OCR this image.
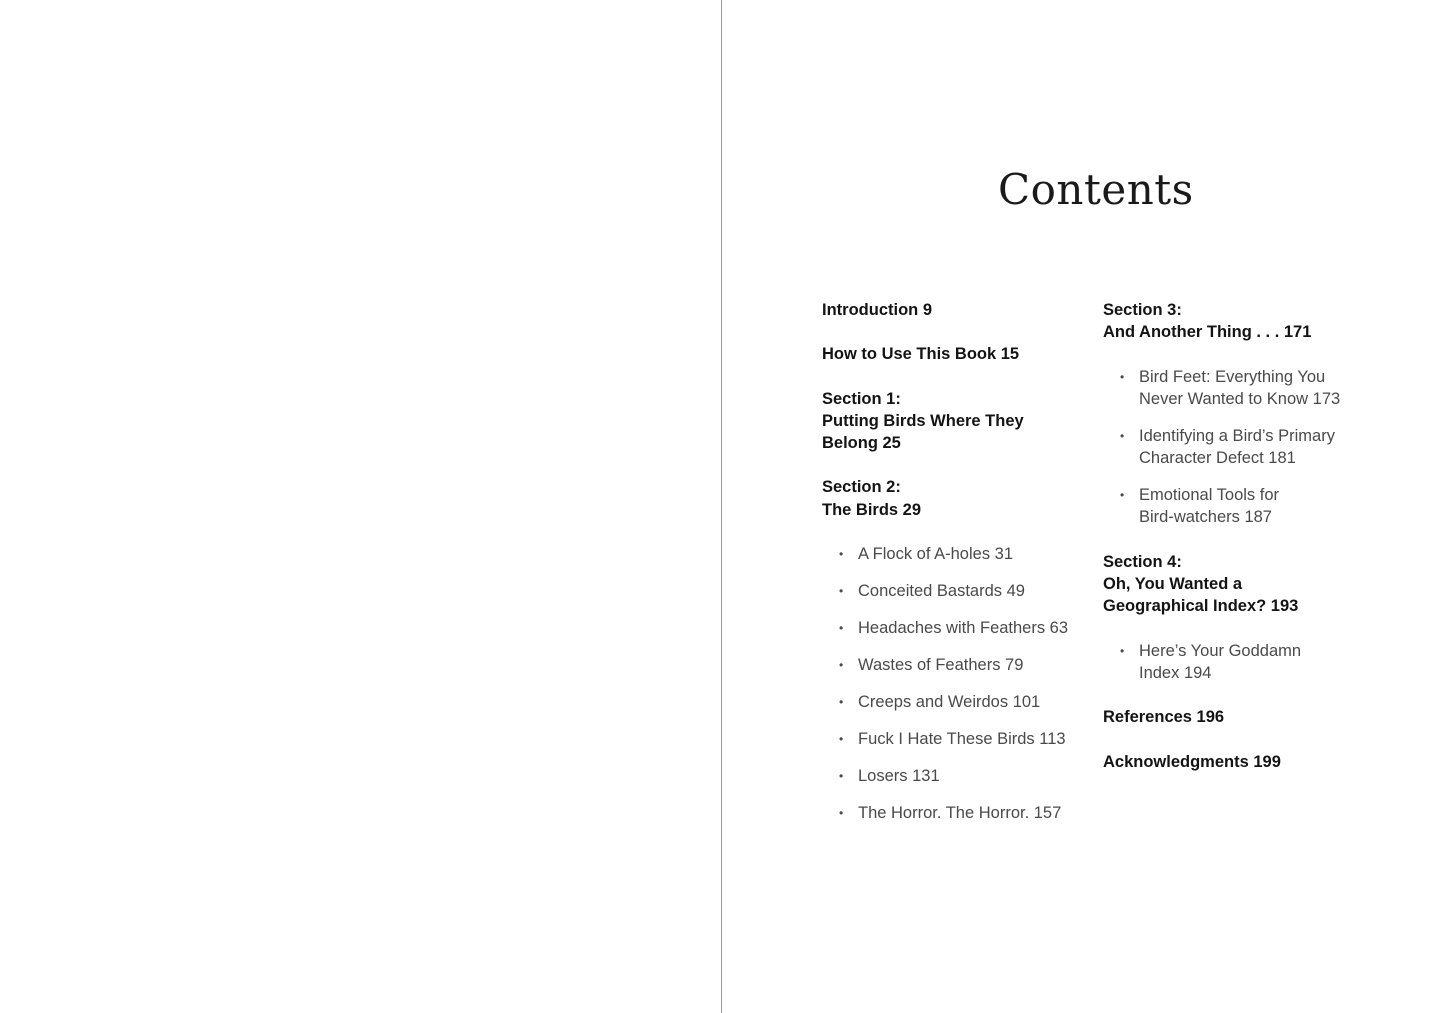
Contents

Introduction 9

How to Use This Book 15

Section 1:
Putting Birds Where They
Belong 25

Section 2:
The Birds 29

• A Flock of A-holes 31
• Conceited Bastards 49
• Headaches with Feathers 63
• Wastes of Feathers 79
• Creeps and Weirdos 101
• Fuck I Hate These Birds 113
• Losers 131
• The Horror. The Horror. 157

Section 3:
And Another Thing . . . 171

• Bird Feet: Everything You
Never Wanted to Know 173
• Identifying a Bird’s Primary
Character Defect 181
• Emotional Tools for
Bird-watchers 187

Section 4:
Oh, You Wanted a
Geographical Index? 193

• Here’s Your Goddamn
Index 194

References 196

Acknowledgments 199
